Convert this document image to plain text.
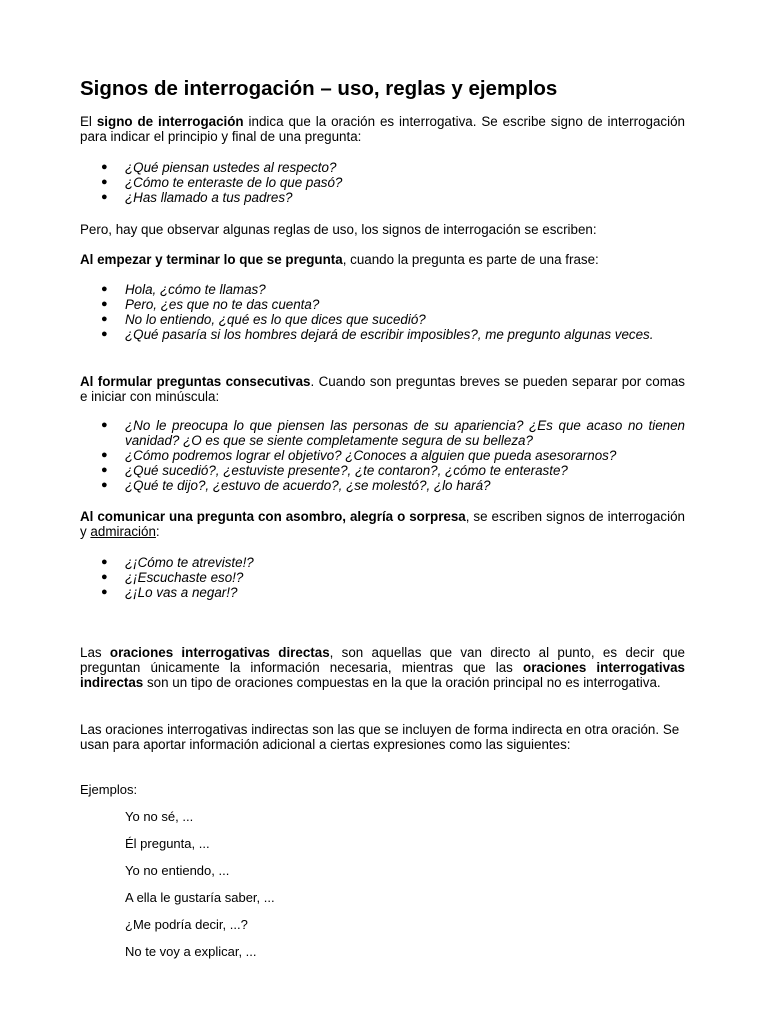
Signos de interrogación – uso, reglas y ejemplos

El signo de interrogación indica que la oración es interrogativa. Se escribe signo de interrogación para indicar el principio y final de una pregunta:

● ¿Qué piensan ustedes al respecto?
● ¿Cómo te enteraste de lo que pasó?
● ¿Has llamado a tus padres?

Pero, hay que observar algunas reglas de uso, los signos de interrogación se escriben:

Al empezar y terminar lo que se pregunta, cuando la pregunta es parte de una frase:

● Hola, ¿cómo te llamas?
● Pero, ¿es que no te das cuenta?
● No lo entiendo, ¿qué es lo que dices que sucedió?
● ¿Qué pasaría si los hombres dejará de escribir imposibles?, me pregunto algunas veces.

Al formular preguntas consecutivas. Cuando son preguntas breves se pueden separar por comas e iniciar con minúscula:

● ¿No le preocupa lo que piensen las personas de su apariencia? ¿Es que acaso no tienen vanidad? ¿O es que se siente completamente segura de su belleza?
● ¿Cómo podremos lograr el objetivo? ¿Conoces a alguien que pueda asesorarnos?
● ¿Qué sucedió?, ¿estuviste presente?, ¿te contaron?, ¿cómo te enteraste?
● ¿Qué te dijo?, ¿estuvo de acuerdo?, ¿se molestó?, ¿lo hará?

Al comunicar una pregunta con asombro, alegría o sorpresa, se escriben signos de interrogación y admiración:

● ¿¡Cómo te atreviste!?
● ¿¡Escuchaste eso!?
● ¿¡Lo vas a negar!?

Las oraciones interrogativas directas, son aquellas que van directo al punto, es decir que preguntan únicamente la información necesaria, mientras que las oraciones interrogativas indirectas son un tipo de oraciones compuestas en la que la oración principal no es interrogativa.

Las oraciones interrogativas indirectas son las que se incluyen de forma indirecta en otra oración. Se usan para aportar información adicional a ciertas expresiones como las siguientes:

Ejemplos:

Yo no sé, ...

Él pregunta, ...

Yo no entiendo, ...

A ella le gustaría saber, ...

¿Me podría decir, ...?

No te voy a explicar, ...
